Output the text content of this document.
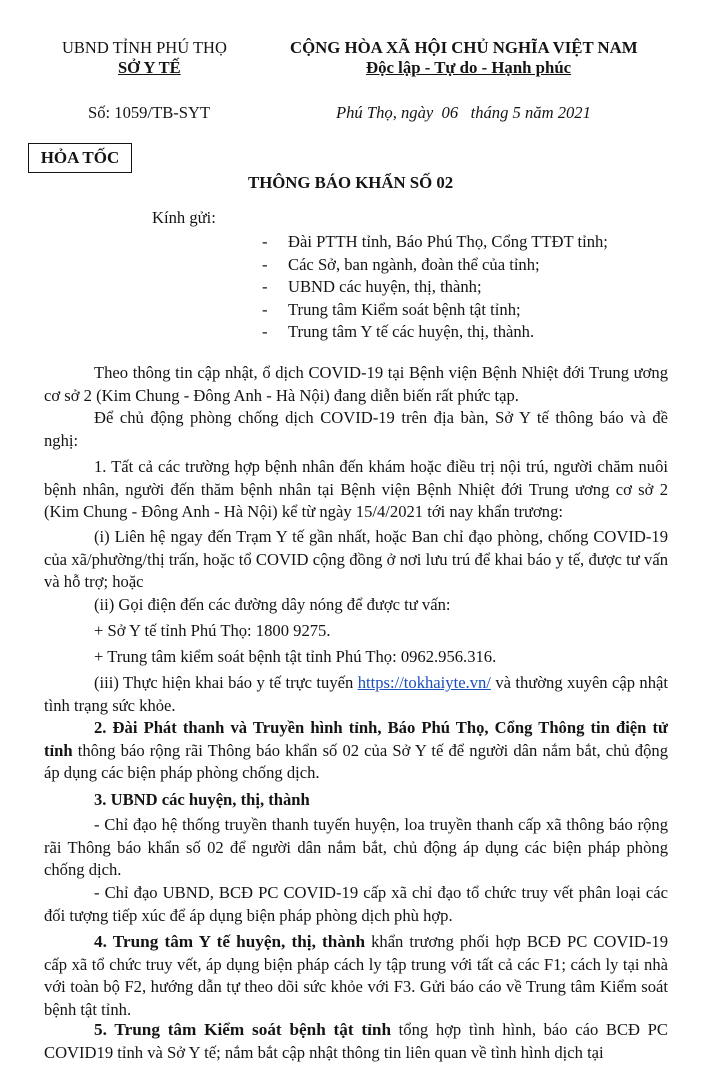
UBND TỈNH PHÚ THỌ
SỞ Y TẾ
CỘNG HÒA XÃ HỘI CHỦ NGHĨA VIỆT NAM
Độc lập - Tự do - Hạnh phúc
Số: 1059/TB-SYT	Phú Thọ, ngày  06   tháng 5 năm 2021
HỎA TỐC
THÔNG BÁO KHẨN SỐ 02
Kính gửi:
- Đài PTTH tỉnh, Báo Phú Thọ, Cổng TTĐT tỉnh;
- Các Sở, ban ngành, đoàn thể của tỉnh;
- UBND các huyện, thị, thành;
- Trung tâm Kiểm soát bệnh tật tỉnh;
- Trung tâm Y tế các huyện, thị, thành.
Theo thông tin cập nhật, ổ dịch COVID-19 tại Bệnh viện Bệnh Nhiệt đới Trung ương cơ sở 2 (Kim Chung - Đông Anh - Hà Nội) đang diễn biến rất phức tạp.
Để chủ động phòng chống dịch COVID-19 trên địa bàn, Sở Y tế thông báo và đề nghị:
1. Tất cả các trường hợp bệnh nhân đến khám hoặc điều trị nội trú, người chăm nuôi bệnh nhân, người đến thăm bệnh nhân tại Bệnh viện Bệnh Nhiệt đới Trung ương cơ sở 2 (Kim Chung - Đông Anh - Hà Nội) kể từ ngày 15/4/2021 tới nay khẩn trương:
(i) Liên hệ ngay đến Trạm Y tế gần nhất, hoặc Ban chỉ đạo phòng, chống COVID-19 của xã/phường/thị trấn, hoặc tổ COVID cộng đồng ở nơi lưu trú để khai báo y tế, được tư vấn và hỗ trợ; hoặc
(ii) Gọi điện đến các đường dây nóng để được tư vấn:
+ Sở Y tế tỉnh Phú Thọ: 1800 9275.
+ Trung tâm kiểm soát bệnh tật tỉnh Phú Thọ: 0962.956.316.
(iii) Thực hiện khai báo y tế trực tuyến https://tokhaiyte.vn/ và thường xuyên cập nhật tình trạng sức khỏe.
2. Đài Phát thanh và Truyền hình tỉnh, Báo Phú Thọ, Cổng Thông tin điện tử tỉnh thông báo rộng rãi Thông báo khẩn số 02 của Sở Y tế để người dân nắm bắt, chủ động áp dụng các biện pháp phòng chống dịch.
3. UBND các huyện, thị, thành
- Chỉ đạo hệ thống truyền thanh tuyến huyện, loa truyền thanh cấp xã thông báo rộng rãi Thông báo khẩn số 02 để người dân nắm bắt, chủ động áp dụng các biện pháp phòng chống dịch.
- Chỉ đạo UBND, BCĐ PC COVID-19 cấp xã chỉ đạo tổ chức truy vết phân loại các đối tượng tiếp xúc để áp dụng biện pháp phòng dịch phù hợp.
4. Trung tâm Y tế huyện, thị, thành khẩn trương phối hợp BCĐ PC COVID-19 cấp xã tổ chức truy vết, áp dụng biện pháp cách ly tập trung với tất cả các F1; cách ly tại nhà với toàn bộ F2, hướng dẫn tự theo dõi sức khỏe với F3. Gửi báo cáo về Trung tâm Kiểm soát bệnh tật tỉnh.
5. Trung tâm Kiểm soát bệnh tật tỉnh tổng hợp tình hình, báo cáo BCĐ PC COVID19 tỉnh và Sở Y tế; nắm bắt cập nhật thông tin liên quan về tình hình dịch tại
